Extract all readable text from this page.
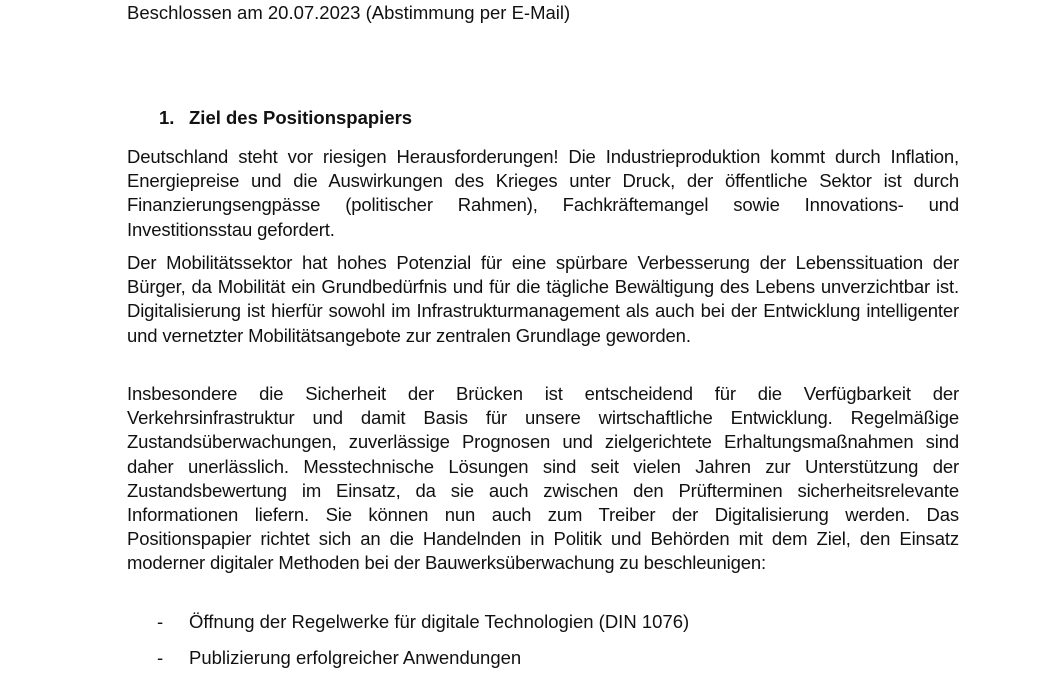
Beschlossen am 20.07.2023 (Abstimmung per E-Mail)
1. Ziel des Positionspapiers

Deutschland steht vor riesigen Herausforderungen! Die Industrieproduktion kommt durch Inflation, Energiepreise und die Auswirkungen des Krieges unter Druck, der öffentliche Sektor ist durch Finanzierungsengpässe (politischer Rahmen), Fachkräftemangel sowie Innovations- und Investitionsstau gefordert.

Der Mobilitätssektor hat hohes Potenzial für eine spürbare Verbesserung der Lebenssituation der Bürger, da Mobilität ein Grundbedürfnis und für die tägliche Bewältigung des Lebens unverzichtbar ist. Digitalisierung ist hierfür sowohl im Infrastrukturmanagement als auch bei der Entwicklung intelligenter und vernetzter Mobilitätsangebote zur zentralen Grundlage geworden.

Insbesondere die Sicherheit der Brücken ist entscheidend für die Verfügbarkeit der Verkehrsinfrastruktur und damit Basis für unsere wirtschaftliche Entwicklung. Regelmäßige Zustandsüberwachungen, zuverlässige Prognosen und zielgerichtete Erhaltungsmaßnahmen sind daher unerlässlich. Messtechnische Lösungen sind seit vielen Jahren zur Unterstützung der Zustandsbewertung im Einsatz, da sie auch zwischen den Prüfterminen sicherheitsrelevante Informationen liefern. Sie können nun auch zum Treiber der Digitalisierung werden. Das Positionspapier richtet sich an die Handelnden in Politik und Behörden mit dem Ziel, den Einsatz moderner digitaler Methoden bei der Bauwerksüberwachung zu beschleunigen:

- Öffnung der Regelwerke für digitale Technologien (DIN 1076)
- Publizierung erfolgreicher Anwendungen
